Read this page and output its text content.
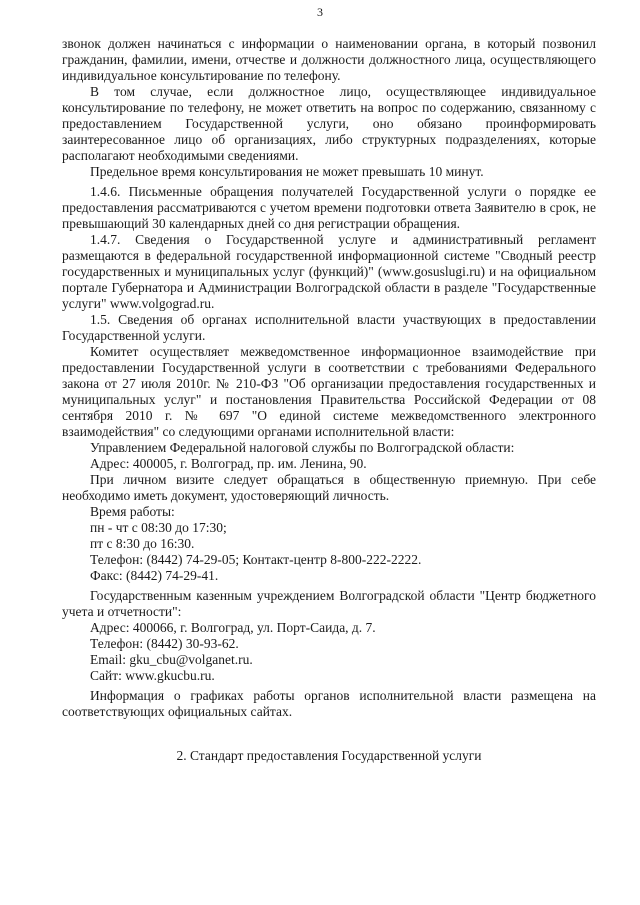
3

звонок должен начинаться с информации о наименовании органа, в который позвонил гражданин, фамилии, имени, отчестве и должности должностного лица, осуществляющего индивидуальное консультирование по телефону.

В том случае, если должностное лицо, осуществляющее индивидуальное консультирование по телефону, не может ответить на вопрос по содержанию, связанному с предоставлением Государственной услуги, оно обязано проинформировать заинтересованное лицо об организациях, либо структурных подразделениях, которые располагают необходимыми сведениями.

Предельное время консультирования не может превышать 10 минут.

1.4.6. Письменные обращения получателей Государственной услуги о порядке ее предоставления рассматриваются с учетом времени подготовки ответа Заявителю в срок, не превышающий 30 календарных дней со дня регистрации обращения.

1.4.7. Сведения о Государственной услуге и административный регламент размещаются в федеральной государственной информационной системе "Сводный реестр государственных и муниципальных услуг (функций)" (www.gosuslugi.ru) и на официальном портале Губернатора и Администрации Волгоградской области в разделе "Государственные услуги" www.volgograd.ru.

1.5. Сведения об органах исполнительной власти участвующих в предоставлении Государственной услуги.

Комитет осуществляет межведомственное информационное взаимодействие при предоставлении Государственной услуги в соответствии с требованиями Федерального закона от 27 июля 2010г. № 210-ФЗ "Об организации предоставления государственных и муниципальных услуг" и постановления Правительства Российской Федерации от 08 сентября 2010 г. № 697 "О единой системе межведомственного электронного взаимодействия" со следующими органами исполнительной власти:

Управлением Федеральной налоговой службы по Волгоградской области:

Адрес: 400005, г. Волгоград, пр. им. Ленина, 90.

При личном визите следует обращаться в общественную приемную. При себе необходимо иметь документ, удостоверяющий личность.

Время работы:

пн - чт с 08:30 до 17:30;

пт с 8:30 до 16:30.

Телефон: (8442) 74-29-05; Контакт-центр 8-800-222-2222.

Факс: (8442) 74-29-41.

Государственным казенным учреждением Волгоградской области "Центр бюджетного учета и отчетности":

Адрес: 400066, г. Волгоград, ул. Порт-Саида, д. 7.

Телефон: (8442) 30-93-62.

Email: gku_cbu@volganet.ru.

Сайт: www.gkucbu.ru.

Информация о графиках работы органов исполнительной власти размещена на соответствующих официальных сайтах.

2. Стандарт предоставления Государственной услуги
